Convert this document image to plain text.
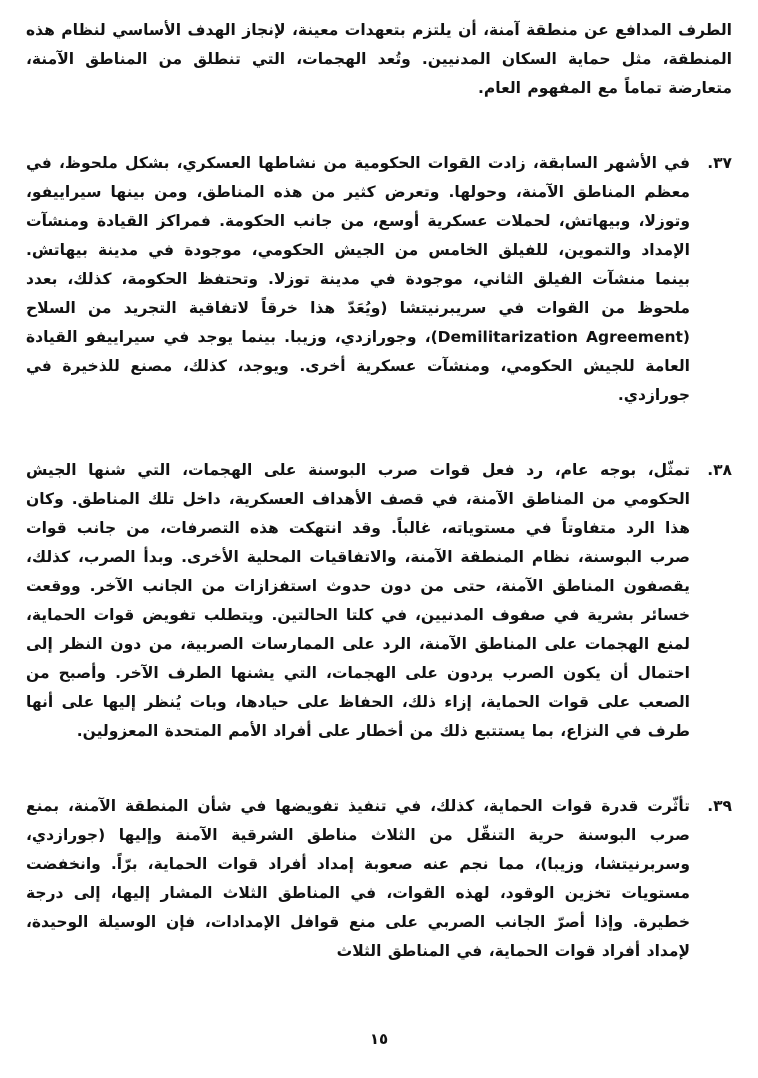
الطرف المدافع عن منطقة آمنة، أن يلتزم بتعهدات معينة، لإنجاز الهدف الأساسي لنظام هذه المنطقة، مثل حماية السكان المدنيين. وتُعد الهجمات، التي تنطلق من المناطق الآمنة، متعارضة تماماً مع المفهوم العام.

٣٧.
في الأشهر السابقة، زادت القوات الحكومية من نشاطها العسكري، بشكل ملحوظ، في معظم المناطق الآمنة، وحولها. وتعرض كثير من هذه المناطق، ومن بينها سيراييفو، وتوزلا، وبيهاتش، لحملات عسكرية أوسع، من جانب الحكومة. فمراكز القيادة ومنشآت الإمداد والتموين، للفيلق الخامس من الجيش الحكومي، موجودة في مدينة بيهاتش. بينما منشآت الفيلق الثاني، موجودة في مدينة توزلا. وتحتفظ الحكومة، كذلك، بعدد ملحوظ من القوات في سريبرنيتشا (ويُعَدّ هذا خرقاً لاتفاقية التجريد من السلاح (Demilitarization Agreement)، وجورازدي، وزيبا. بينما يوجد في سيراييفو القيادة العامة للجيش الحكومي، ومنشآت عسكرية أخرى. ويوجد، كذلك، مصنع للذخيرة في جورازدي.
٣٨.
تمثّل، بوجه عام، رد فعل قوات صرب البوسنة على الهجمات، التي شنها الجيش الحكومي من المناطق الآمنة، في قصف الأهداف العسكرية، داخل تلك المناطق. وكان هذا الرد متفاوتاً في مستوياته، غالباً. وقد انتهكت هذه التصرفات، من جانب قوات صرب البوسنة، نظام المنطقة الآمنة، والاتفاقيات المحلية الأخرى. وبدأ الصرب، كذلك، يقصفون المناطق الآمنة، حتى من دون حدوث استفزازات من الجانب الآخر. ووقعت خسائر بشرية في صفوف المدنيين، في كلتا الحالتين. ويتطلب تفويض قوات الحماية، لمنع الهجمات على المناطق الآمنة، الرد على الممارسات الصربية، من دون النظر إلى احتمال أن يكون الصرب يردون على الهجمات، التي يشنها الطرف الآخر. وأصبح من الصعب على قوات الحماية، إزاء ذلك، الحفاظ على حيادها، وبات يُنظر إليها على أنها طرف في النزاع، بما يستتبع ذلك من أخطار على أفراد الأمم المتحدة المعزولين.
٣٩.
تأثّرت قدرة قوات الحماية، كذلك، في تنفيذ تفويضها في شأن المنطقة الآمنة، بمنع صرب البوسنة حرية التنقّل من الثلاث مناطق الشرقية الآمنة وإليها (جورازدي، وسربرنيتشا، وزيبا)، مما نجم عنه صعوبة إمداد أفراد قوات الحماية، برّاً. وانخفضت مستويات تخزين الوقود، لهذه القوات، في المناطق الثلاث المشار إليها، إلى درجة خطيرة. وإذا أصرّ الجانب الصربي على منع قوافل الإمدادات، فإن الوسيلة الوحيدة، لإمداد أفراد قوات الحماية، في المناطق الثلاث
١٥
